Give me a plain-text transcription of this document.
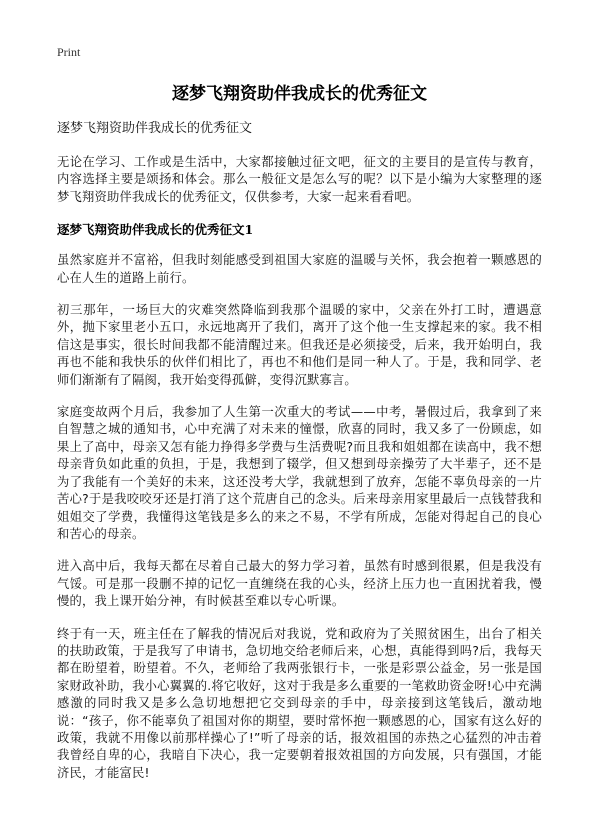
Print
逐梦飞翔资助伴我成长的优秀征文
逐梦飞翔资助伴我成长的优秀征文

无论在学习、工作或是生活中，大家都接触过征文吧，征文的主要目的是宣传与教育，内容选择主要是颂扬和体会。那么一般征文是怎么写的呢？以下是小编为大家整理的逐梦飞翔资助伴我成长的优秀征文，仅供参考，大家一起来看看吧。

逐梦飞翔资助伴我成长的优秀征文1

虽然家庭并不富裕，但我时刻能感受到祖国大家庭的温暖与关怀，我会抱着一颗感恩的心在人生的道路上前行。

初三那年，一场巨大的灾难突然降临到我那个温暖的家中，父亲在外打工时，遭遇意外，抛下家里老小五口，永远地离开了我们，离开了这个他一生支撑起来的家。我不相信这是事实，很长时间我都不能清醒过来。但我还是必须接受，后来，我开始明白，我再也不能和我快乐的伙伴们相比了，再也不和他们是同一种人了。于是，我和同学、老师们渐渐有了隔阂，我开始变得孤僻，变得沉默寡言。

家庭变故两个月后，我参加了人生第一次重大的考试——中考，暑假过后，我拿到了来自智慧之城的通知书，心中充满了对未来的憧憬，欣喜的同时，我又多了一份顾虑，如果上了高中，母亲又怎有能力挣得多学费与生活费呢?而且我和姐姐都在读高中，我不想母亲背负如此重的负担，于是，我想到了辍学，但又想到母亲操劳了大半辈子，还不是为了我能有一个美好的未来，这还没考大学，我就想到了放弃，怎能不辜负母亲的一片苦心?于是我咬咬牙还是打消了这个荒唐自己的念头。后来母亲用家里最后一点钱替我和姐姐交了学费，我懂得这笔钱是多么的来之不易，不学有所成，怎能对得起自己的良心和苦心的母亲。

进入高中后，我每天都在尽着自己最大的努力学习着，虽然有时感到很累，但是我没有气馁。可是那一段删不掉的记忆一直缠绕在我的心头，经济上压力也一直困扰着我，慢慢的，我上课开始分神，有时候甚至难以专心听课。

终于有一天，班主任在了解我的情况后对我说，党和政府为了关照贫困生，出台了相关的扶助政策，于是我写了申请书，急切地交给老师后来，心想，真能得到吗?后，我每天都在盼望着，盼望着。不久，老师给了我两张银行卡，一张是彩票公益金，另一张是国家财政补助，我小心翼翼的.将它收好，这对于我是多么重要的一笔救助资金呀!心中充满感激的同时我又是多么急切地想把它交到母亲的手中，母亲接到这笔钱后，激动地说：“孩子，你不能辜负了祖国对你的期望，要时常怀抱一颗感恩的心，国家有这么好的政策，我就不用像以前那样操心了!”听了母亲的话，报效祖国的赤热之心猛烈的冲击着我曾经自卑的心，我暗自下决心，我一定要朝着报效祖国的方向发展，只有强国，才能济民，才能富民!
